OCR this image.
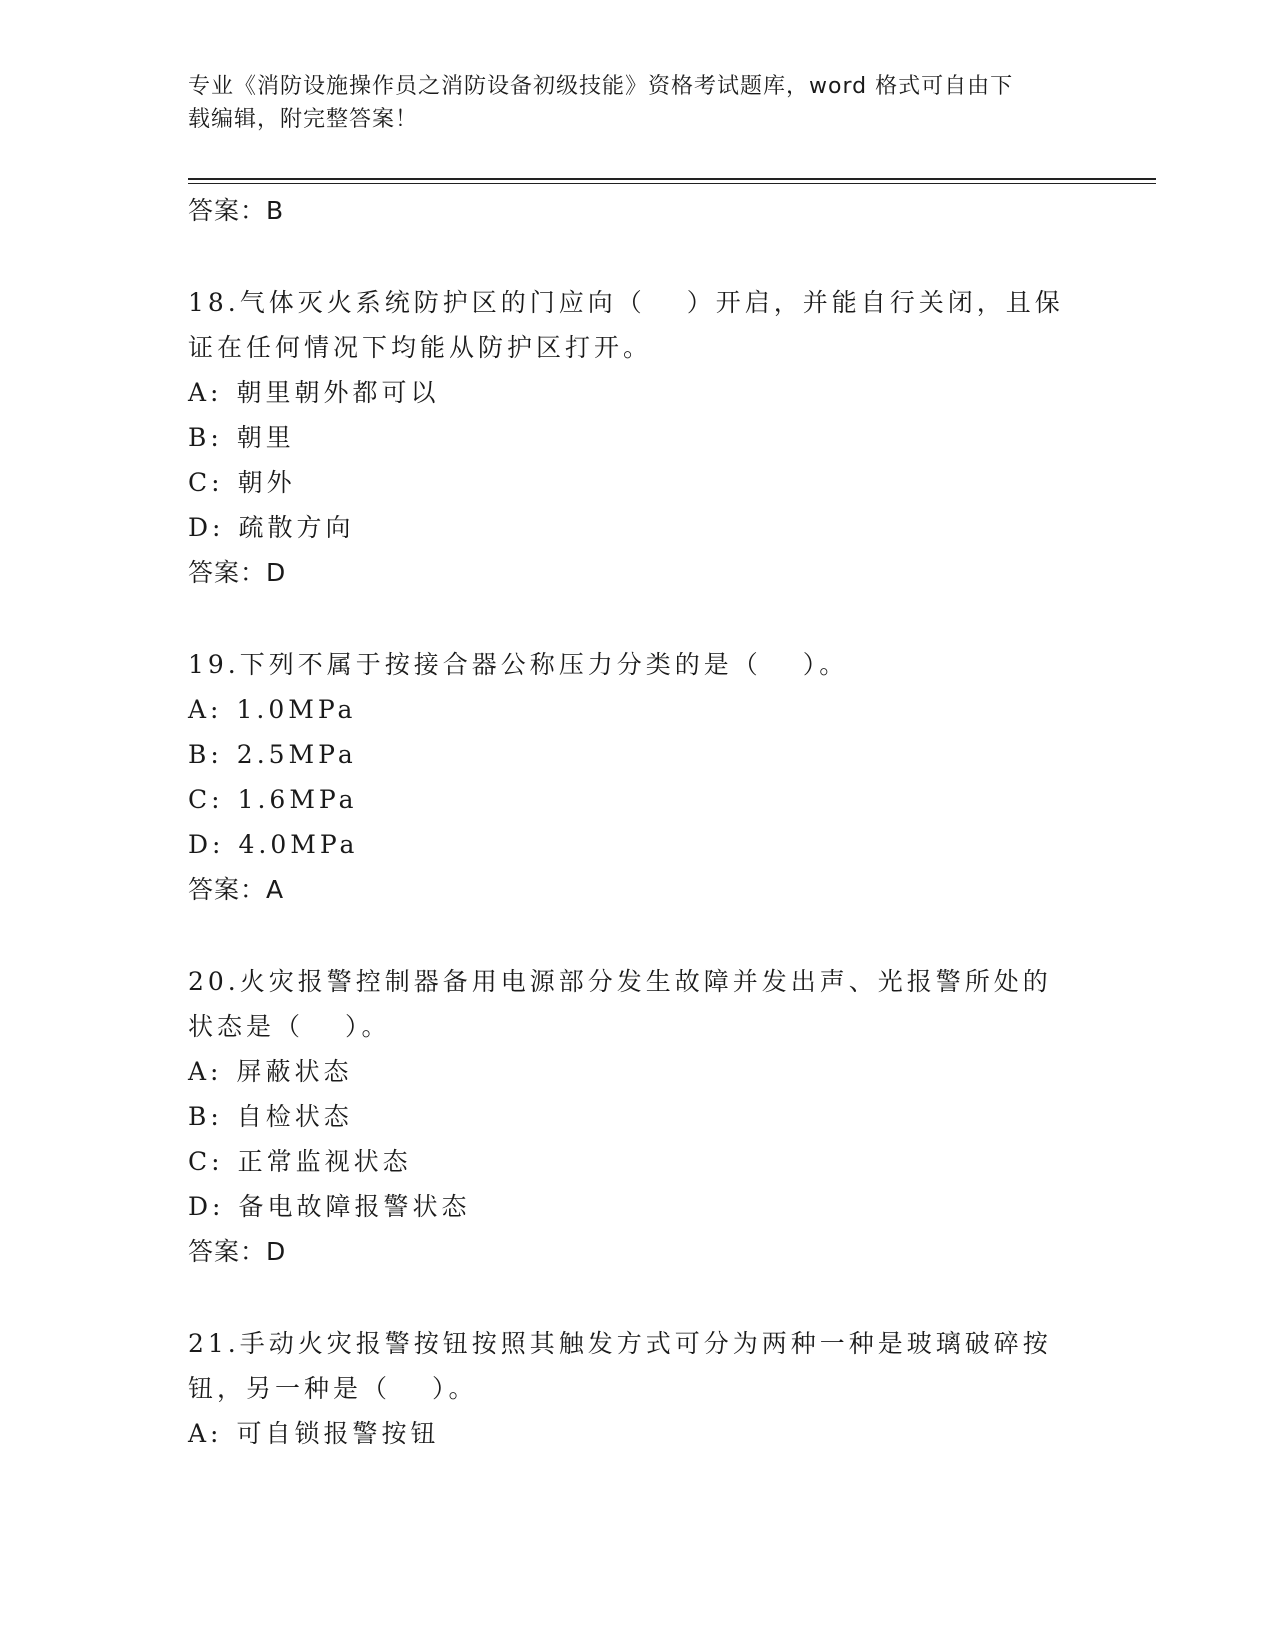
专业《消防设施操作员之消防设备初级技能》资格考试题库，word 格式可自由下
载编辑，附完整答案！
答案：B
18.气体灭火系统防护区的门应向（　 ）开启，并能自行关闭，且保证在任何情况下均能从防护区打开。
A: 朝里朝外都可以
B: 朝里
C: 朝外
D: 疏散方向
答案：D
19.下列不属于按接合器公称压力分类的是（　 ）。
A: 1.0MPa
B: 2.5MPa
C: 1.6MPa
D: 4.0MPa
答案：A
20.火灾报警控制器备用电源部分发生故障并发出声、光报警所处的状态是（　 ）。
A: 屏蔽状态
B: 自检状态
C: 正常监视状态
D: 备电故障报警状态
答案：D
21.手动火灾报警按钮按照其触发方式可分为两种一种是玻璃破碎按钮，另一种是（　 ）。
A: 可自锁报警按钮
